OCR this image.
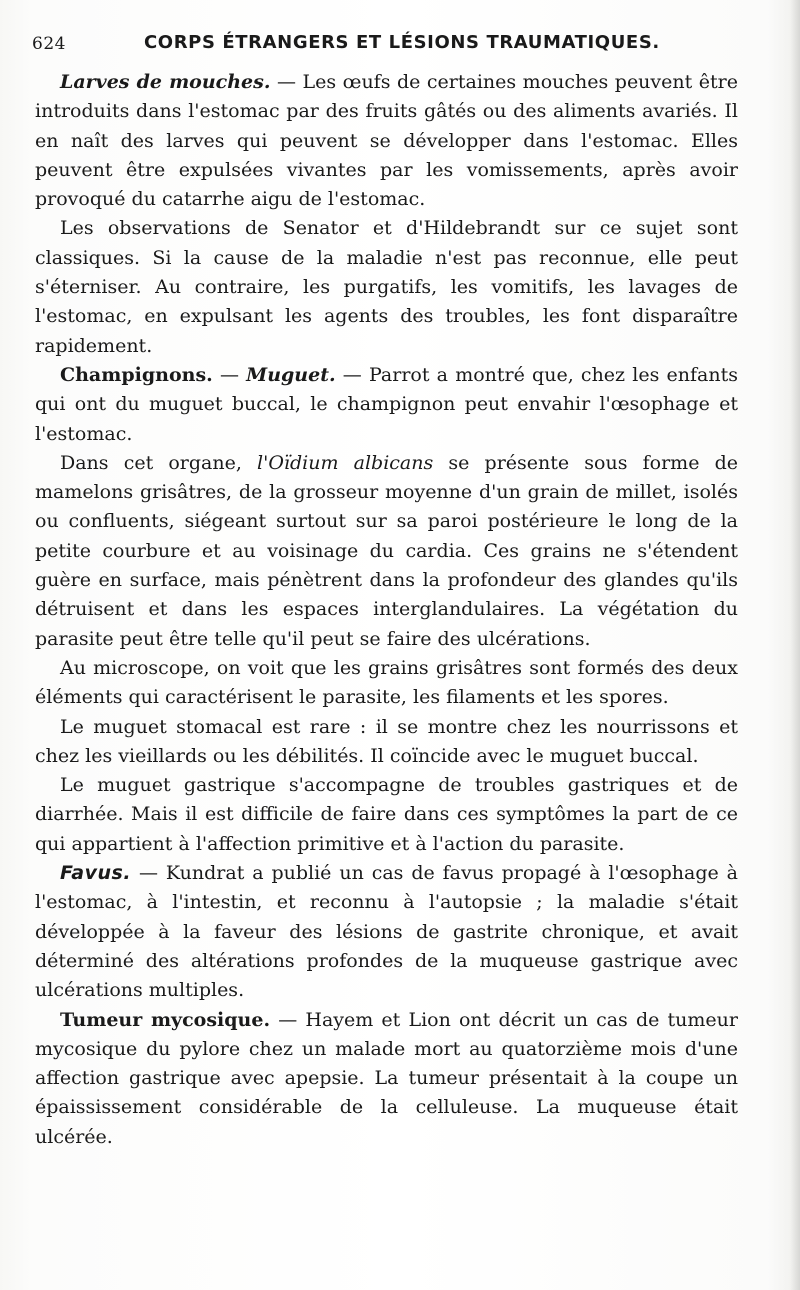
624	CORPS ÉTRANGERS ET LÉSIONS TRAUMATIQUES.

Larves de mouches. — Les œufs de certaines mouches peuvent être introduits dans l'estomac par des fruits gâtés ou des aliments avariés. Il en naît des larves qui peuvent se développer dans l'estomac. Elles peuvent être expulsées vivantes par les vomissements, après avoir provoqué du catarrhe aigu de l'estomac.

Les observations de Senator et d'Hildebrandt sur ce sujet sont classiques. Si la cause de la maladie n'est pas reconnue, elle peut s'éterniser. Au contraire, les purgatifs, les vomitifs, les lavages de l'estomac, en expulsant les agents des troubles, les font disparaître rapidement.

Champignons. — Muguet. — Parrot a montré que, chez les enfants qui ont du muguet buccal, le champignon peut envahir l'œsophage et l'estomac.

Dans cet organe, l'Oïdium albicans se présente sous forme de mamelons grisâtres, de la grosseur moyenne d'un grain de millet, isolés ou confluents, siégeant surtout sur sa paroi postérieure le long de la petite courbure et au voisinage du cardia. Ces grains ne s'étendent guère en surface, mais pénètrent dans la profondeur des glandes qu'ils détruisent et dans les espaces interglandulaires. La végétation du parasite peut être telle qu'il peut se faire des ulcérations.

Au microscope, on voit que les grains grisâtres sont formés des deux éléments qui caractérisent le parasite, les filaments et les spores.

Le muguet stomacal est rare : il se montre chez les nourrissons et chez les vieillards ou les débilités. Il coïncide avec le muguet buccal.

Le muguet gastrique s'accompagne de troubles gastriques et de diarrhée. Mais il est difficile de faire dans ces symptômes la part de ce qui appartient à l'affection primitive et à l'action du parasite.

Favus. — Kundrat a publié un cas de favus propagé à l'œsophage à l'estomac, à l'intestin, et reconnu à l'autopsie ; la maladie s'était développée à la faveur des lésions de gastrite chronique, et avait déterminé des altérations profondes de la muqueuse gastrique avec ulcérations multiples.

Tumeur mycosique. — Hayem et Lion ont décrit un cas de tumeur mycosique du pylore chez un malade mort au quatorzième mois d'une affection gastrique avec apepsie. La tumeur présentait à la coupe un épaississement considérable de la celluleuse. La muqueuse était ulcérée.
